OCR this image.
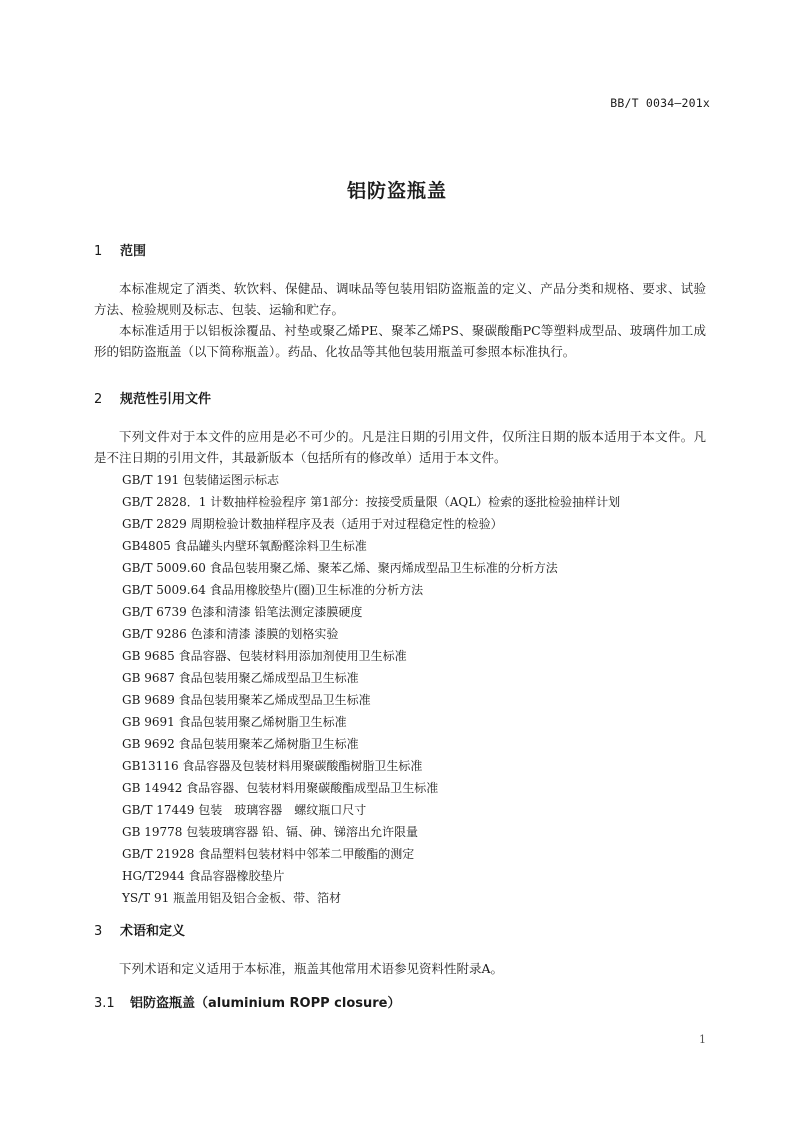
BB/T 0034—201x
铝防盗瓶盖
1 范围
本标准规定了酒类、软饮料、保健品、调味品等包装用铝防盗瓶盖的定义、产品分类和规格、要求、试验方法、检验规则及标志、包装、运输和贮存。
本标准适用于以铝板涂覆品、衬垫或聚乙烯PE、聚苯乙烯PS、聚碳酸酯PC等塑料成型品、玻璃件加工成形的铝防盗瓶盖（以下简称瓶盖）。药品、化妆品等其他包装用瓶盖可参照本标准执行。
2 规范性引用文件
下列文件对于本文件的应用是必不可少的。凡是注日期的引用文件，仅所注日期的版本适用于本文件。凡是不注日期的引用文件，其最新版本（包括所有的修改单）适用于本文件。
GB/T 191 包装储运图示标志
GB/T 2828．1 计数抽样检验程序 第1部分：按接受质量限（AQL）检索的逐批检验抽样计划
GB/T 2829 周期检验计数抽样程序及表（适用于对过程稳定性的检验）
GB4805 食品罐头内壁环氧酚醛涂料卫生标准
GB/T 5009.60 食品包装用聚乙烯、聚苯乙烯、聚丙烯成型品卫生标准的分析方法
GB/T 5009.64 食品用橡胶垫片(圈)卫生标准的分析方法
GB/T 6739 色漆和清漆 铅笔法测定漆膜硬度
GB/T 9286 色漆和清漆 漆膜的划格实验
GB 9685 食品容器、包装材料用添加剂使用卫生标准
GB 9687 食品包装用聚乙烯成型品卫生标准
GB 9689 食品包装用聚苯乙烯成型品卫生标准
GB 9691 食品包装用聚乙烯树脂卫生标准
GB 9692 食品包装用聚苯乙烯树脂卫生标准
GB13116 食品容器及包装材料用聚碳酸酯树脂卫生标准
GB 14942 食品容器、包装材料用聚碳酸酯成型品卫生标准
GB/T 17449 包装　玻璃容器　螺纹瓶口尺寸
GB 19778 包装玻璃容器 铅、镉、砷、锑溶出允许限量
GB/T 21928 食品塑料包装材料中邻苯二甲酸酯的测定
HG/T2944 食品容器橡胶垫片
YS/T 91 瓶盖用铝及铝合金板、带、箔材
3 术语和定义
下列术语和定义适用于本标准，瓶盖其他常用术语参见资料性附录A。
3.1 铝防盗瓶盖（aluminium ROPP closure）
1
